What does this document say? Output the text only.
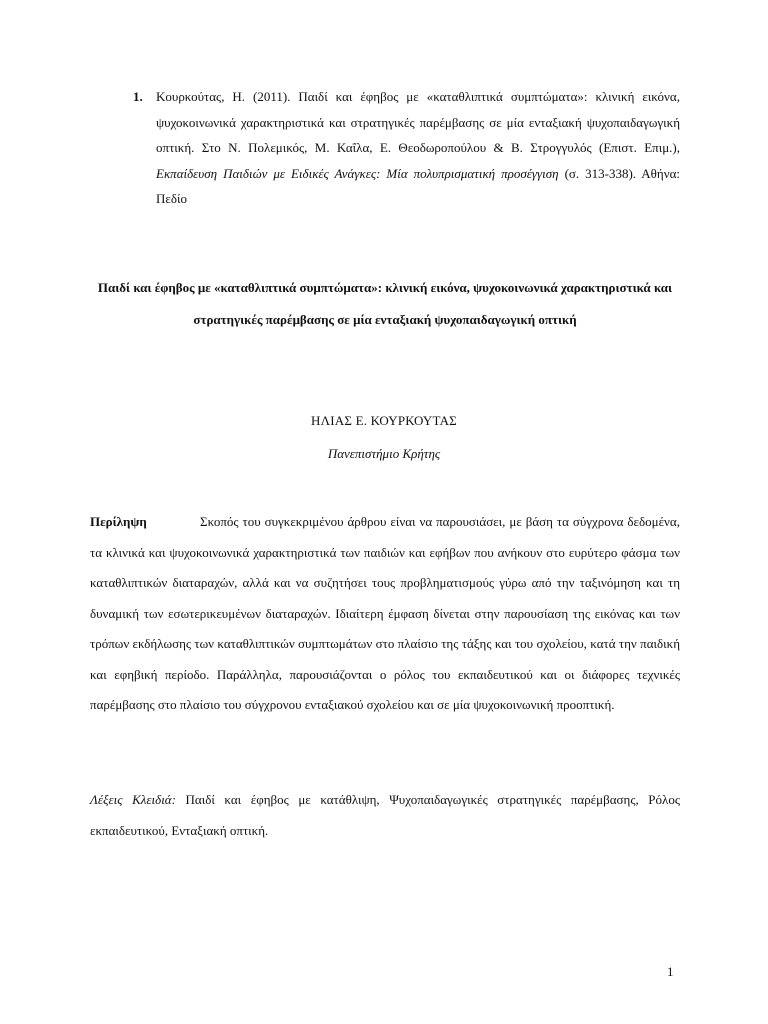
1. Κουρκούτας, Η. (2011). Παιδί και έφηβος με «καταθλιπτικά συμπτώματα»: κλινική εικόνα, ψυχοκοινωνικά χαρακτηριστικά και στρατηγικές παρέμβασης σε μία ενταξιακή ψυχοπαιδαγωγική οπτική. Στο Ν. Πολεμικός, Μ. Καΐλα, Ε. Θεοδωροπούλου & Β. Στρογγυλός (Επιστ. Επιμ.), Εκπαίδευση Παιδιών με Ειδικές Ανάγκες: Μία πολυπρισματική προσέγγιση (σ. 313-338). Αθήνα: Πεδίο
Παιδί και έφηβος με «καταθλιπτικά συμπτώματα»: κλινική εικόνα, ψυχοκοινωνικά χαρακτηριστικά και στρατηγικές παρέμβασης σε μία ενταξιακή ψυχοπαιδαγωγική οπτική
ΗΛΙΑΣ Ε. ΚΟΥΡΚΟΥΤΑΣ
Πανεπιστήμιο Κρήτης
Περίληψη	Σκοπός του συγκεκριμένου άρθρου είναι να παρουσιάσει, με βάση τα σύγχρονα δεδομένα, τα κλινικά και ψυχοκοινωνικά χαρακτηριστικά των παιδιών και εφήβων που ανήκουν στο ευρύτερο φάσμα των καταθλιπτικών διαταραχών, αλλά και να συζητήσει τους προβληματισμούς γύρω από την ταξινόμηση και τη δυναμική των εσωτερικευμένων διαταραχών. Ιδιαίτερη έμφαση δίνεται στην παρουσίαση της εικόνας και των τρόπων εκδήλωσης των καταθλιπτικών συμπτωμάτων στο πλαίσιο της τάξης και του σχολείου, κατά την παιδική και εφηβική περίοδο. Παράλληλα, παρουσιάζονται ο ρόλος του εκπαιδευτικού και οι διάφορες τεχνικές παρέμβασης στο πλαίσιο του σύγχρονου ενταξιακού σχολείου και σε μία ψυχοκοινωνική προοπτική.
Λέξεις Κλειδιά: Παιδί και έφηβος με κατάθλιψη, Ψυχοπαιδαγωγικές στρατηγικές παρέμβασης, Ρόλος εκπαιδευτικού, Ενταξιακή οπτική.
1
